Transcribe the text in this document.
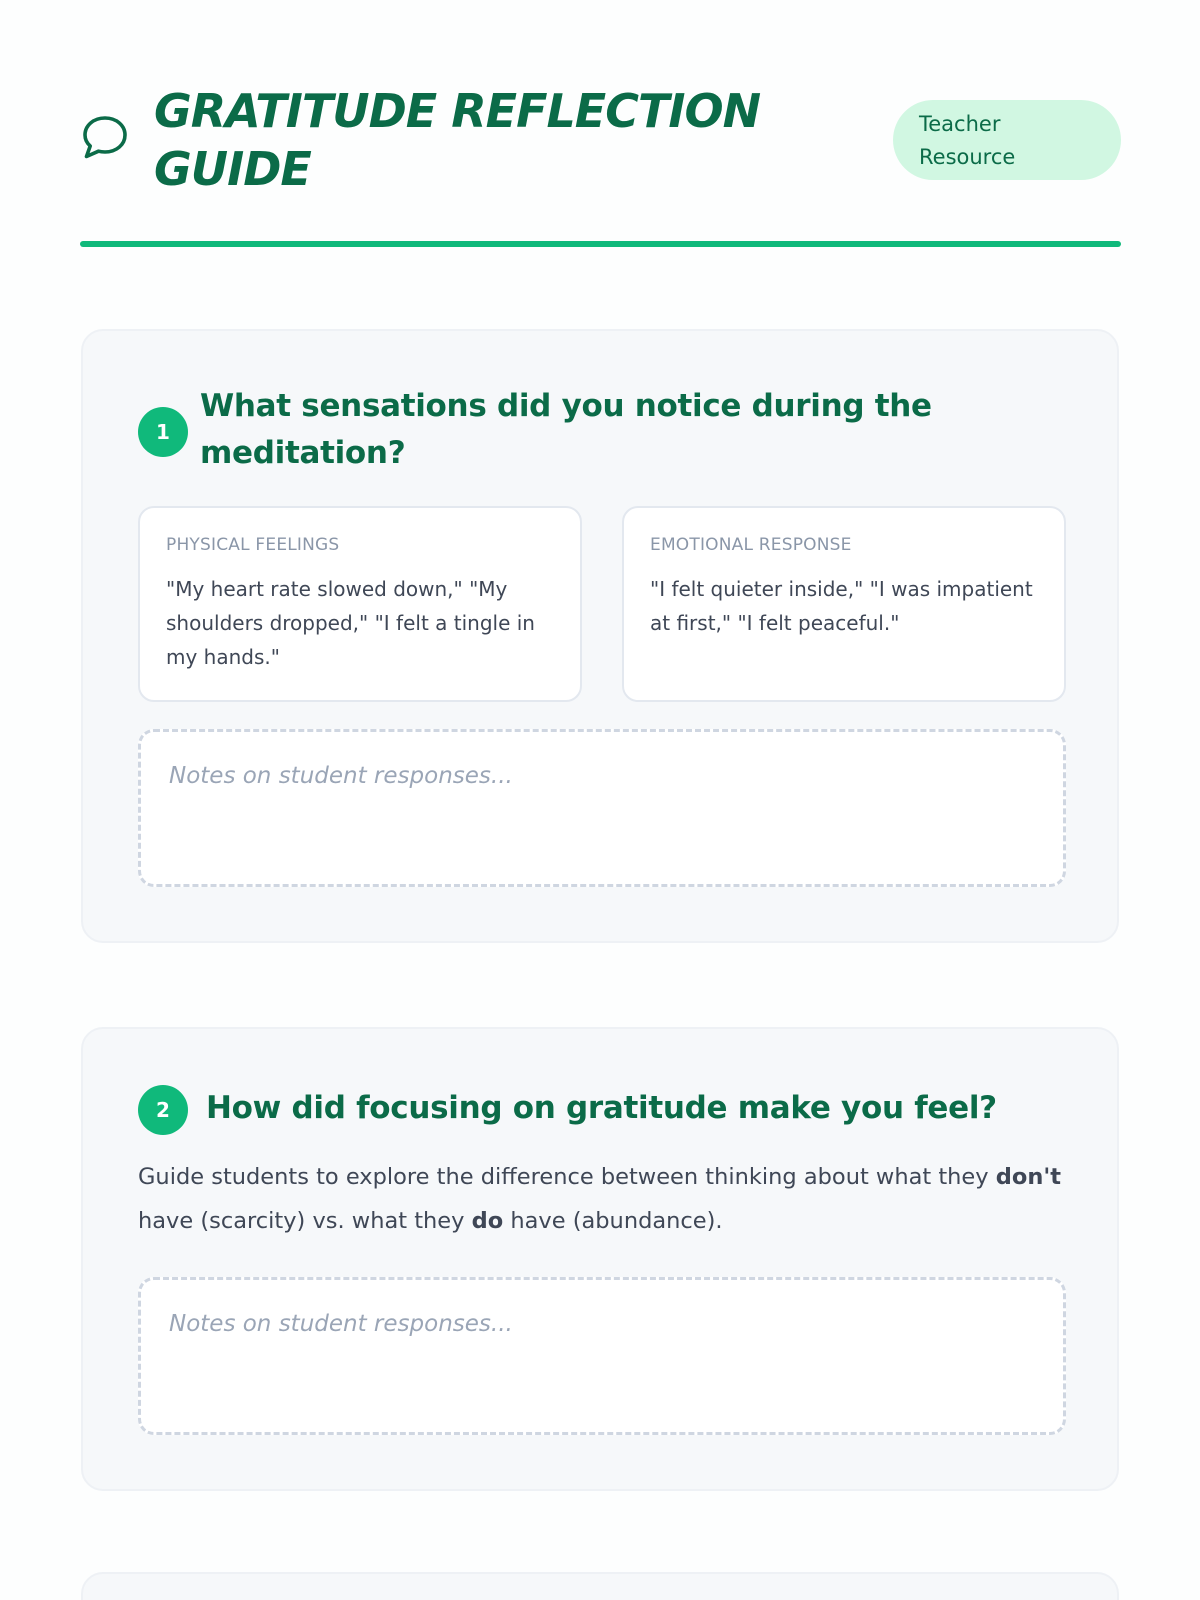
GRATITUDE REFLECTION
GUIDE
Teacher
Resource
1
What sensations did you notice during the meditation?

PHYSICAL FEELINGS

"My heart rate slowed down," "My shoulders dropped," "I felt a tingle in my hands."

EMOTIONAL RESPONSE

"I felt quieter inside," "I was impatient at first," "I felt peaceful."

Notes on student responses...
2	How did focusing on gratitude make you feel?

Guide students to explore the difference between thinking about what they don't have (scarcity) vs. what they do have (abundance).

Notes on student responses...
